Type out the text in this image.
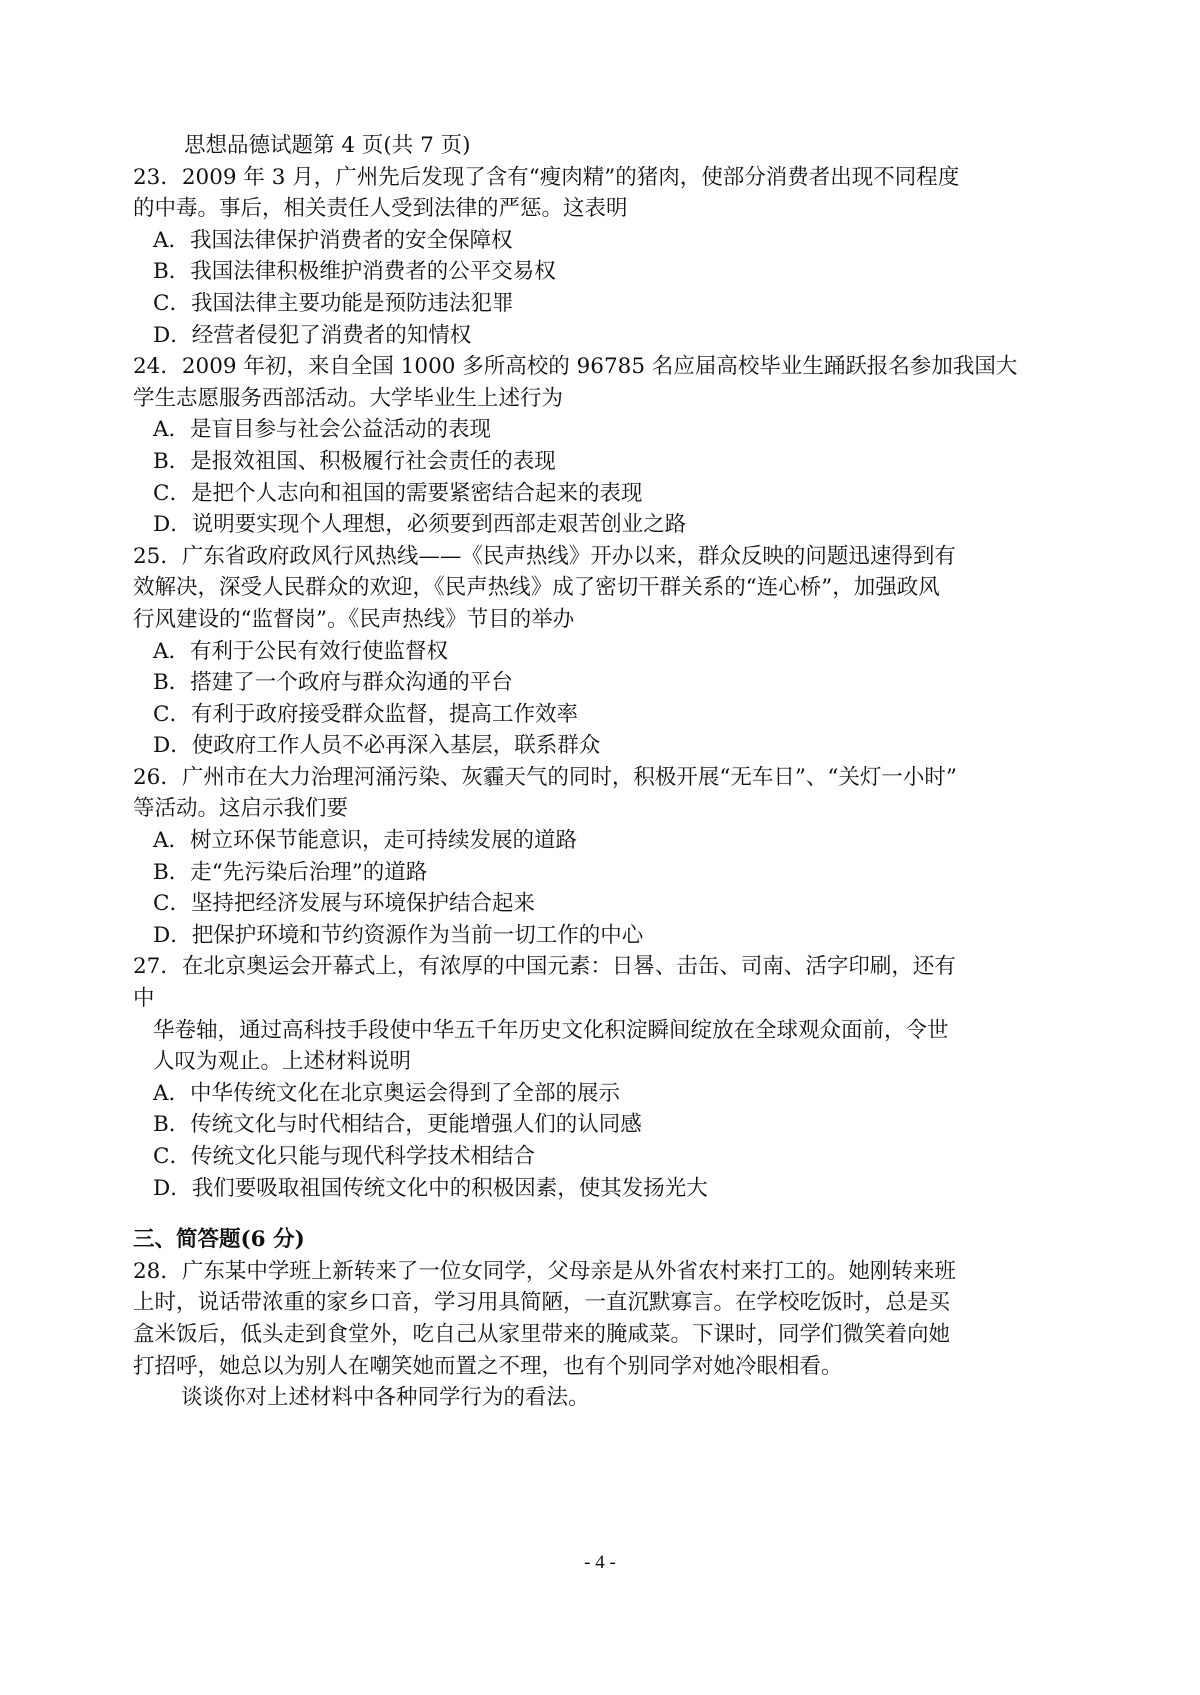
思想品德试题第 4 页(共 7 页)
23．2009 年 3 月，广州先后发现了含有“瘦肉精”的猪肉，使部分消费者出现不同程度
的中毒。事后，相关责任人受到法律的严惩。这表明
A．我国法律保护消费者的安全保障权
B．我国法律积极维护消费者的公平交易权
C．我国法律主要功能是预防违法犯罪
D．经营者侵犯了消费者的知情权
24．2009 年初，来自全国 1000 多所高校的 96785 名应届高校毕业生踊跃报名参加我国大
学生志愿服务西部活动。大学毕业生上述行为
A．是盲目参与社会公益活动的表现
B．是报效祖国、积极履行社会责任的表现
C．是把个人志向和祖国的需要紧密结合起来的表现
D．说明要实现个人理想，必须要到西部走艰苦创业之路
25．广东省政府政风行风热线——《民声热线》开办以来，群众反映的问题迅速得到有
效解决，深受人民群众的欢迎，《民声热线》成了密切干群关系的“连心桥”，加强政风
行风建设的“监督岗”。《民声热线》节目的举办
A．有利于公民有效行使监督权
B．搭建了一个政府与群众沟通的平台
C．有利于政府接受群众监督，提高工作效率
D．使政府工作人员不必再深入基层，联系群众
26．广州市在大力治理河涌污染、灰霾天气的同时，积极开展“无车日”、“关灯一小时”
等活动。这启示我们要
A．树立环保节能意识，走可持续发展的道路
B．走“先污染后治理”的道路
C．坚持把经济发展与环境保护结合起来
D．把保护环境和节约资源作为当前一切工作的中心
27．在北京奥运会开幕式上，有浓厚的中国元素：日晷、击缶、司南、活字印刷，还有
中
华卷轴，通过高科技手段使中华五千年历史文化积淀瞬间绽放在全球观众面前，令世
人叹为观止。上述材料说明
A．中华传统文化在北京奥运会得到了全部的展示
B．传统文化与时代相结合，更能增强人们的认同感
C．传统文化只能与现代科学技术相结合
D．我们要吸取祖国传统文化中的积极因素，使其发扬光大
三、简答题(6 分)
28．广东某中学班上新转来了一位女同学，父母亲是从外省农村来打工的。她刚转来班
上时，说话带浓重的家乡口音，学习用具简陋，一直沉默寡言。在学校吃饭时，总是买
盒米饭后，低头走到食堂外，吃自己从家里带来的腌咸菜。下课时，同学们微笑着向她
打招呼，她总以为别人在嘲笑她而置之不理，也有个别同学对她冷眼相看。
谈谈你对上述材料中各种同学行为的看法。
- 4 -
